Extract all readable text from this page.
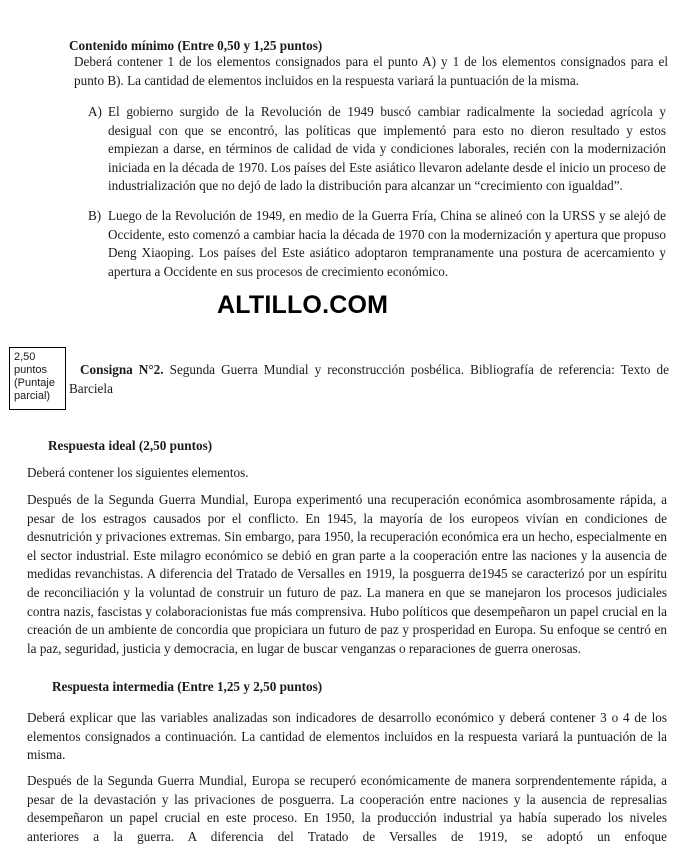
Contenido mínimo (Entre 0,50 y 1,25 puntos)
Deberá contener 1 de los elementos consignados para el punto A) y 1 de los elementos consignados para el punto B). La cantidad de elementos incluidos en la respuesta variará la puntuación de la misma.
A) El gobierno surgido de la Revolución de 1949 buscó cambiar radicalmente la sociedad agrícola y desigual con que se encontró, las políticas que implementó para esto no dieron resultado y estos empiezan a darse, en términos de calidad de vida y condiciones laborales, recién con la modernización iniciada en la década de 1970. Los países del Este asiático llevaron adelante desde el inicio un proceso de industrialización que no dejó de lado la distribución para alcanzar un “crecimiento con igualdad”.
B) Luego de la Revolución de 1949, en medio de la Guerra Fría, China se alineó con la URSS y se alejó de Occidente, esto comenzó a cambiar hacia la década de 1970 con la modernización y apertura que propuso Deng Xiaoping. Los países del Este asiático adoptaron tempranamente una postura de acercamiento y apertura a Occidente en sus procesos de crecimiento económico.
ALTILLO.COM
2,50
puntos
(Puntaje
parcial)
Consigna N°2. Segunda Guerra Mundial y reconstrucción posbélica. Bibliografía de referencia: Texto de Barciela
Respuesta ideal (2,50 puntos)
Deberá contener los siguientes elementos.
Después de la Segunda Guerra Mundial, Europa experimentó una recuperación económica asombrosamente rápida, a pesar de los estragos causados por el conflicto. En 1945, la mayoría de los europeos vivían en condiciones de desnutrición y privaciones extremas. Sin embargo, para 1950, la recuperación económica era un hecho, especialmente en el sector industrial. Este milagro económico se debió en gran parte a la cooperación entre las naciones y la ausencia de medidas revanchistas. A diferencia del Tratado de Versalles en 1919, la posguerra de1945 se caracterizó por un espíritu de reconciliación y la voluntad de construir un futuro de paz. La manera en que se manejaron los procesos judiciales contra nazis, fascistas y colaboracionistas fue más comprensiva. Hubo políticos que desempeñaron un papel crucial en la creación de un ambiente de concordia que propiciara un futuro de paz y prosperidad en Europa. Su enfoque se centró en la paz, seguridad, justicia y democracia, en lugar de buscar venganzas o reparaciones de guerra onerosas.
Respuesta intermedia (Entre 1,25 y 2,50 puntos)
Deberá explicar que las variables analizadas son indicadores de desarrollo económico y deberá contener 3 o 4 de los elementos consignados a continuación. La cantidad de elementos incluidos en la respuesta variará la puntuación de la misma.
Después de la Segunda Guerra Mundial, Europa se recuperó económicamente de manera sorprendentemente rápida, a pesar de la devastación y las privaciones de posguerra. La cooperación entre naciones y la ausencia de represalias desempeñaron un papel crucial en este proceso. En 1950, la producción industrial ya había superado los niveles anteriores a la guerra. A diferencia del Tratado de Versalles de 1919, se adoptó un enfoque
